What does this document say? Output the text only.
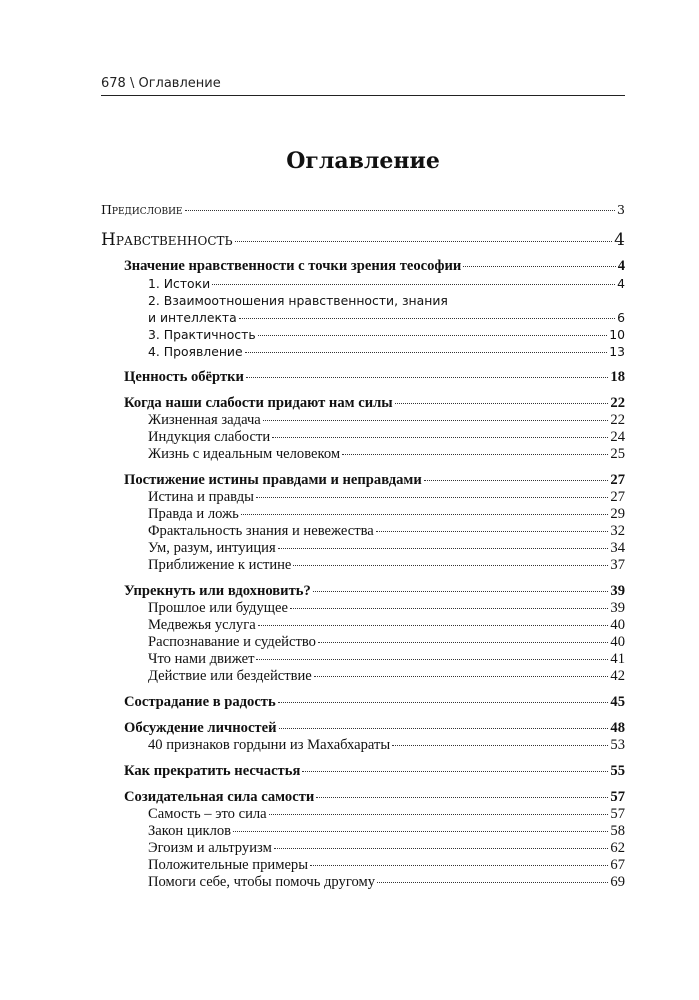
678 \ Оглавление
Оглавление
Предисловие	3
Нравственность	4
Значение нравственности с точки зрения теософии	4
1. Истоки	4
2. Взаимоотношения нравственности, знания
и интеллекта	6
3. Практичность	10
4. Проявление	13
Ценность обёртки	18
Когда наши слабости придают нам силы	22
Жизненная задача	22
Индукция слабости	24
Жизнь с идеальным человеком	25
Постижение истины правдами и неправдами	27
Истина и правды	27
Правда и ложь	29
Фрактальность знания и невежества	32
Ум, разум, интуиция	34
Приближение к истине	37
Упрекнуть или вдохновить?	39
Прошлое или будущее	39
Медвежья услуга	40
Распознавание и судейство	40
Что нами движет	41
Действие или бездействие	42
Сострадание в радость	45
Обсуждение личностей	48
40 признаков гордыни из Махабхараты	53
Как прекратить несчастья	55
Созидательная сила самости	57
Самость – это сила	57
Закон циклов	58
Эгоизм и альтруизм	62
Положительные примеры	67
Помоги себе, чтобы помочь другому	69
